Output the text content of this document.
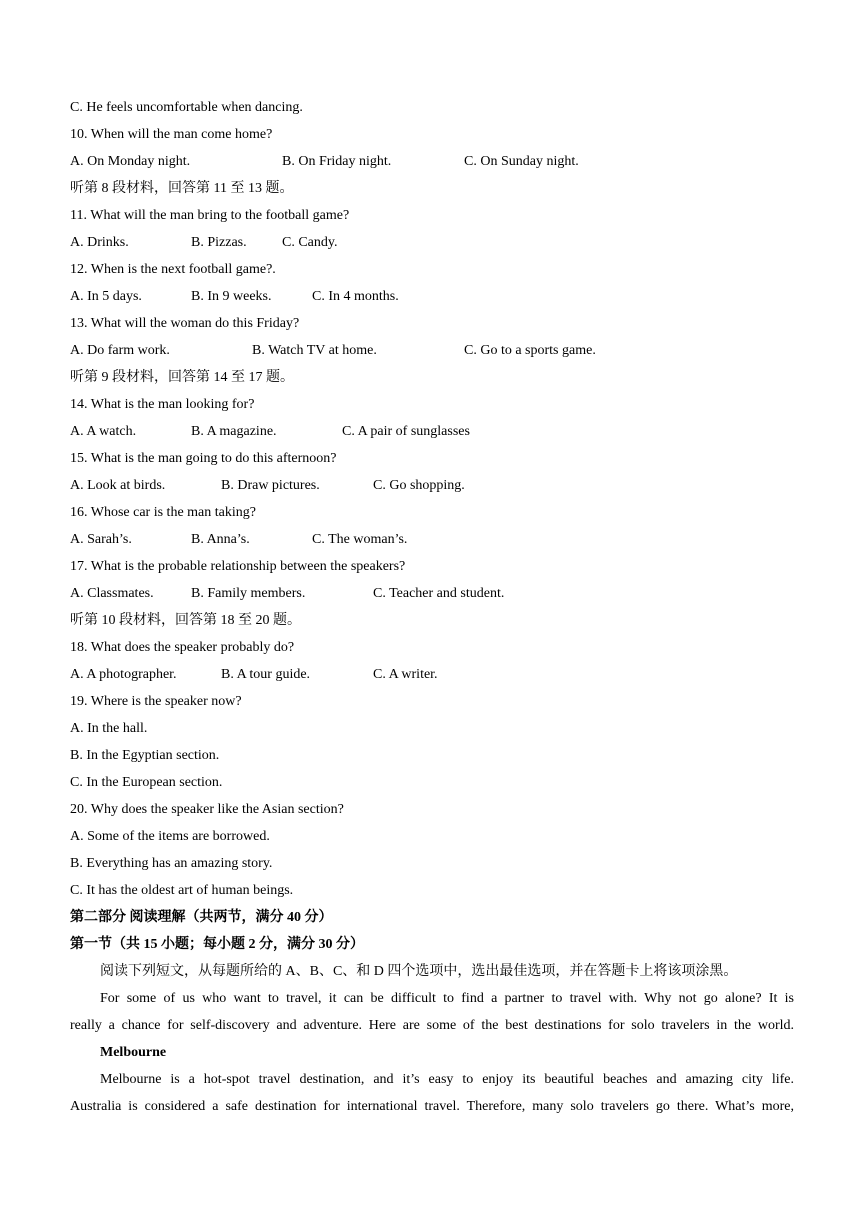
C. He feels uncomfortable when dancing.
10. When will the man come home?
A. On Monday night.	B. On Friday night.	C. On Sunday night.
听第 8 段材料，回答第 11 至 13 题。
11. What will the man bring to the football game?
A. Drinks.	B. Pizzas.	C. Candy.
12. When is the next football game?.
A. In 5 days.	B. In 9 weeks.	C. In 4 months.
13. What will the woman do this Friday?
A. Do farm work.	B. Watch TV at home.	C. Go to a sports game.
听第 9 段材料，回答第 14 至 17 题。
14. What is the man looking for?
A. A watch.	B. A magazine.	C. A pair of sunglasses
15. What is the man going to do this afternoon?
A. Look at birds.	B. Draw pictures.	C. Go shopping.
16. Whose car is the man taking?
A. Sarah’s.	B. Anna’s.	C. The woman’s.
17. What is the probable relationship between the speakers?
A. Classmates.	B. Family members.	C. Teacher and student.
听第 10 段材料，回答第 18 至 20 题。
18. What does the speaker probably do?
A. A photographer.	B. A tour guide.	C. A writer.
19. Where is the speaker now?
A. In the hall.
B. In the Egyptian section.
C. In the European section.
20. Why does the speaker like the Asian section?
A. Some of the items are borrowed.
B. Everything has an amazing story.
C. It has the oldest art of human beings.
第二部分 阅读理解（共两节，满分 40 分）
第一节（共 15 小题；每小题 2 分，满分 30 分）
阅读下列短文，从每题所给的 A、B、C、和 D 四个选项中，选出最佳选项，并在答题卡上将该项涂黑。
For some of us who want to travel, it can be difficult to find a partner to travel with. Why not go alone? It is
really a chance for self-discovery and adventure. Here are some of the best destinations for solo travelers in the world.
Melbourne
Melbourne is a hot-spot travel destination, and it’s easy to enjoy its beautiful beaches and amazing city life.
Australia is considered a safe destination for international travel. Therefore, many solo travelers go there. What’s more,
